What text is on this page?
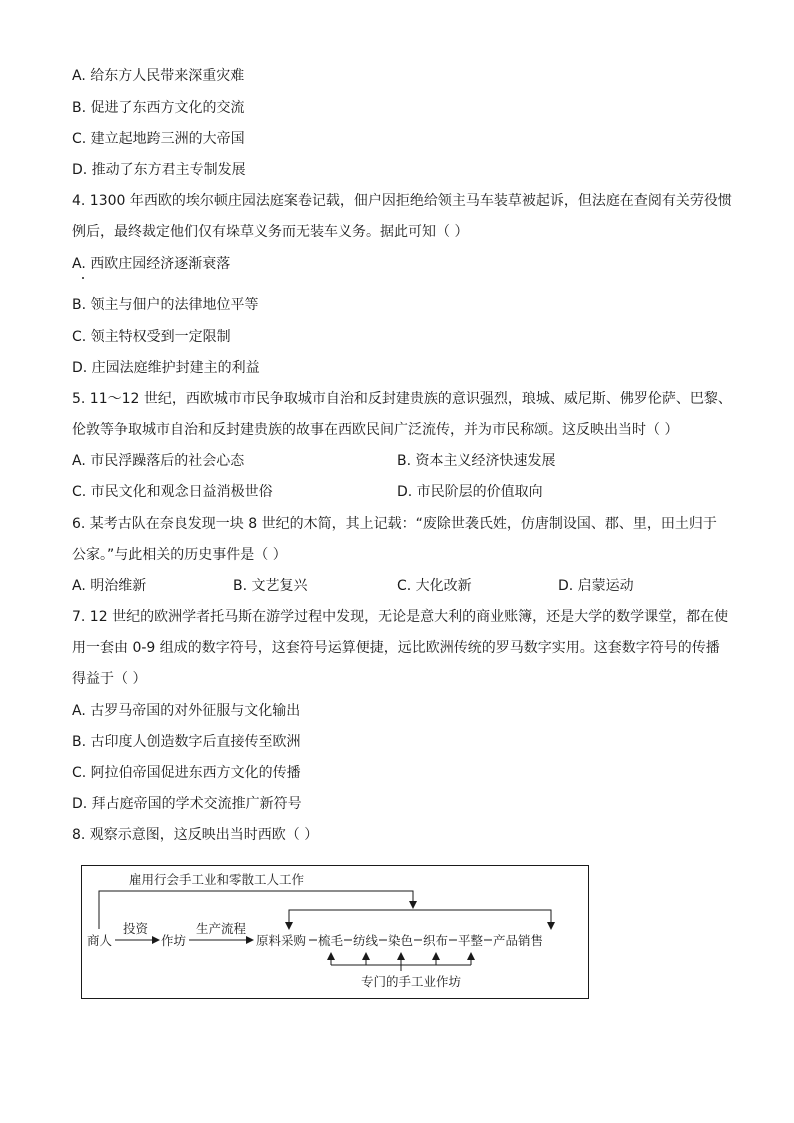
A. 给东方人民带来深重灾难
B. 促进了东西方文化的交流
C. 建立起地跨三洲的大帝国
D. 推动了东方君主专制发展
4. 1300 年西欧的埃尔顿庄园法庭案卷记载，佃户因拒绝给领主马车装草被起诉，但法庭在查阅有关劳役惯
例后，最终裁定他们仅有垛草义务而无装车义务。据此可知（ ）
A. 西欧庄园经济逐渐衰落
B. 领主与佃户的法律地位平等
C. 领主特权受到一定限制
D. 庄园法庭维护封建主的利益
5. 11～12 世纪，西欧城市市民争取城市自治和反封建贵族的意识强烈，琅城、威尼斯、佛罗伦萨、巴黎、
伦敦等争取城市自治和反封建贵族的故事在西欧民间广泛流传，并为市民称颂。这反映出当时（ ）
A. 市民浮躁落后的社会心态	B. 资本主义经济快速发展
C. 市民文化和观念日益消极世俗	D. 市民阶层的价值取向
6. 某考古队在奈良发现一块 8 世纪的木简，其上记载：“废除世袭氏姓，仿唐制设国、郡、里，田土归于
公家。”与此相关的历史事件是（ ）
A. 明治维新	B. 文艺复兴	C. 大化改新	D. 启蒙运动
7. 12 世纪的欧洲学者托马斯在游学过程中发现，无论是意大利的商业账簿，还是大学的数学课堂，都在使
用一套由 0-9 组成的数字符号，这套符号运算便捷，远比欧洲传统的罗马数字实用。这套数字符号的传播
得益于（ ）
A. 古罗马帝国的对外征服与文化输出
B. 古印度人创造数字后直接传至欧洲
C. 阿拉伯帝国促进东西方文化的传播
D. 拜占庭帝国的学术交流推广新符号
8. 观察示意图，这反映出当时西欧（ ）
雇用行会手工业和零散工人工作
商人
投资
作坊
生产流程
原料采购 梳毛 纺线 染色 织布 平整 产品销售
专门的手工业作坊
